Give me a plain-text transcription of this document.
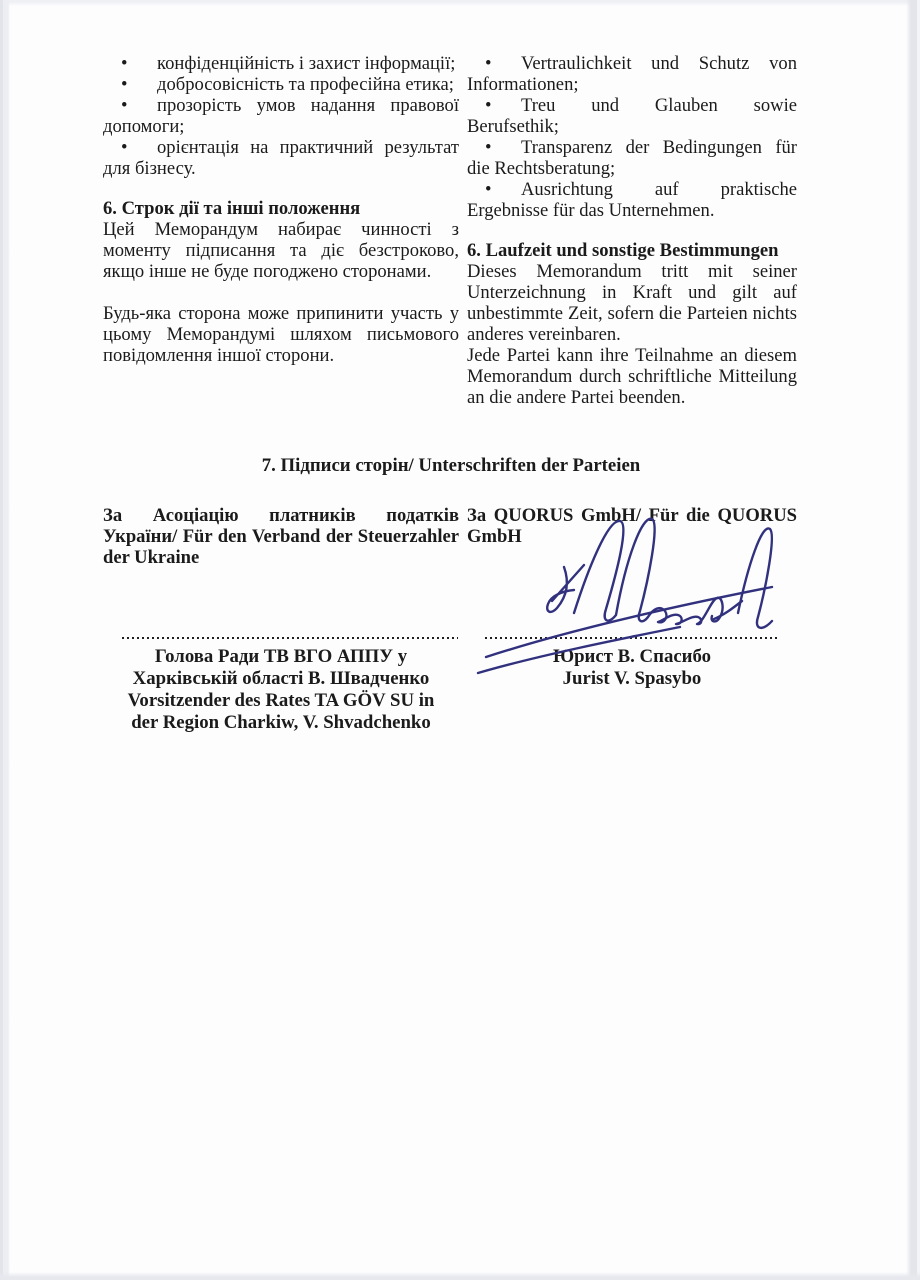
• конфіденційність і захист інформації;

• добросовісність та професійна етика;

• прозорість умов надання правової допомоги;

• орієнтація на практичний результат для бізнесу.

6. Строк дії та інші положення

Цей Меморандум набирає чинності з моменту підписання та діє безстроково, якщо інше не буде погоджено сторонами.

Будь-яка сторона може припинити участь у цьому Меморандумі шляхом письмового повідомлення іншої сторони.

• Vertraulichkeit und Schutz von Informationen;

• Treu und Glauben sowie Berufsethik;

• Transparenz der Bedingungen für die Rechtsberatung;

• Ausrichtung auf praktische Ergebnisse für das Unternehmen.

6. Laufzeit und sonstige Bestimmungen

Dieses Memorandum tritt mit seiner Unterzeichnung in Kraft und gilt auf unbestimmte Zeit, sofern die Parteien nichts anderes vereinbaren.

Jede Partei kann ihre Teilnahme an diesem Memorandum durch schriftliche Mitteilung an die andere Partei beenden.

7. Підписи сторін/ Unterschriften der Parteien

За Асоціацію платників податків України/ Für den Verband der Steuerzahler der Ukraine

За QUORUS GmbH/ Für die QUORUS GmbH

Голова Ради ТВ ВГО АППУ у

Харківській області В. Швадченко

Vorsitzender des Rates TA GÖV SU in

der Region Charkiw, V. Shvadchenko

Юрист В. Спасибо

Jurist V. Spasybo
